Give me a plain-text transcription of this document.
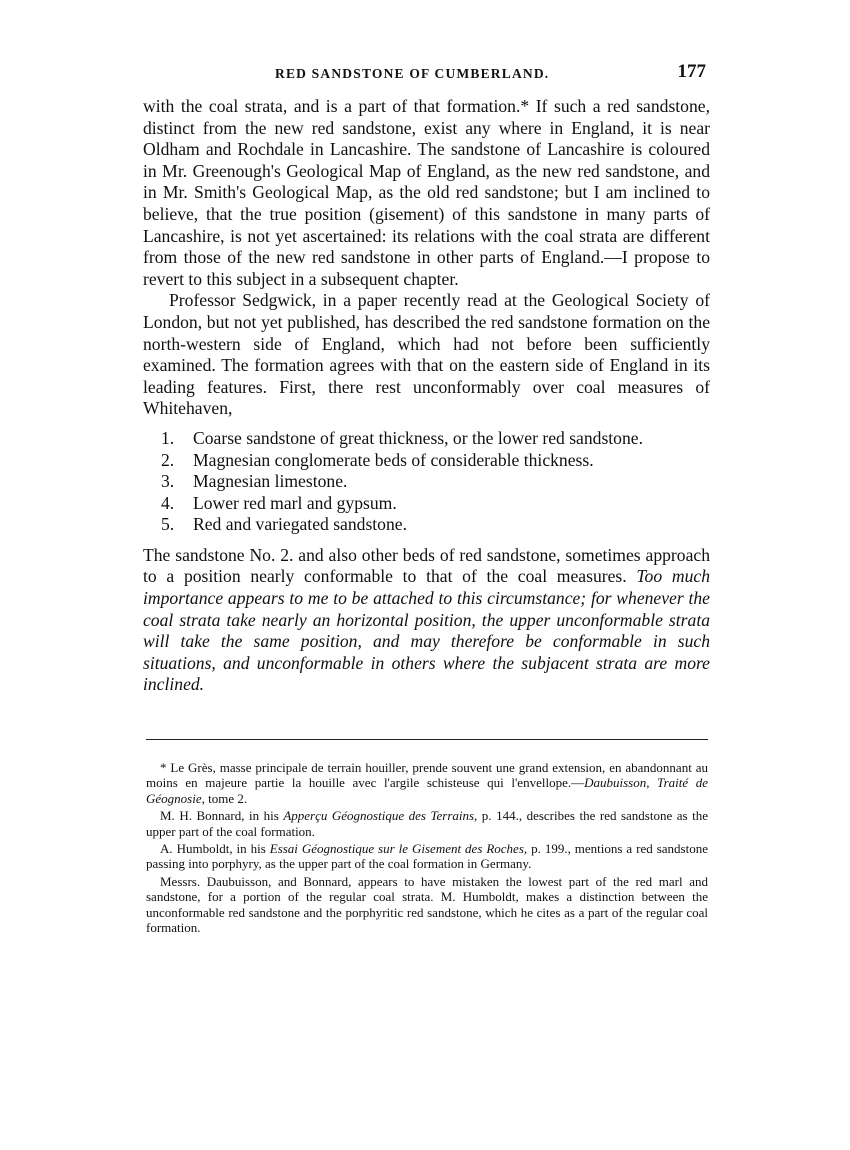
RED SANDSTONE OF CUMBERLAND.	177

with the coal strata, and is a part of that formation.* If such a red sandstone, distinct from the new red sandstone, exist any where in England, it is near Oldham and Rochdale in Lancashire. The sandstone of Lancashire is coloured in Mr. Greenough's Geological Map of England, as the new red sandstone, and in Mr. Smith's Geological Map, as the old red sandstone; but I am inclined to believe, that the true position (gisement) of this sandstone in many parts of Lancashire, is not yet ascertained: its relations with the coal strata are different from those of the new red sandstone in other parts of England.—I propose to revert to this subject in a subsequent chapter.

Professor Sedgwick, in a paper recently read at the Geological Society of London, but not yet published, has described the red sandstone formation on the north-western side of England, which had not before been sufficiently examined. The formation agrees with that on the eastern side of England in its leading features. First, there rest unconformably over coal measures of Whitehaven,

1. Coarse sandstone of great thickness, or the lower red sandstone.
2. Magnesian conglomerate beds of considerable thickness.
3. Magnesian limestone.
4. Lower red marl and gypsum.
5. Red and variegated sandstone.

The sandstone No. 2. and also other beds of red sandstone, sometimes approach to a position nearly conformable to that of the coal measures. Too much importance appears to me to be attached to this circumstance; for whenever the coal strata take nearly an horizontal position, the upper unconformable strata will take the same position, and may therefore be conformable in such situations, and unconformable in others where the subjacent strata are more inclined.

* Le Grès, masse principale de terrain houiller, prende souvent une grand extension, en abandonnant au moins en majeure partie la houille avec l'argile schisteuse qui l'envellope.—Daubuisson, Traité de Géognosie, tome 2.

M. H. Bonnard, in his Apperçu Géognostique des Terrains, p. 144., describes the red sandstone as the upper part of the coal formation.

A. Humboldt, in his Essai Géognostique sur le Gisement des Roches, p. 199., mentions a red sandstone passing into porphyry, as the upper part of the coal formation in Germany.

Messrs. Daubuisson, and Bonnard, appears to have mistaken the lowest part of the red marl and sandstone, for a portion of the regular coal strata. M. Humboldt, makes a distinction between the unconformable red sandstone and the porphyritic red sandstone, which he cites as a part of the regular coal formation.
